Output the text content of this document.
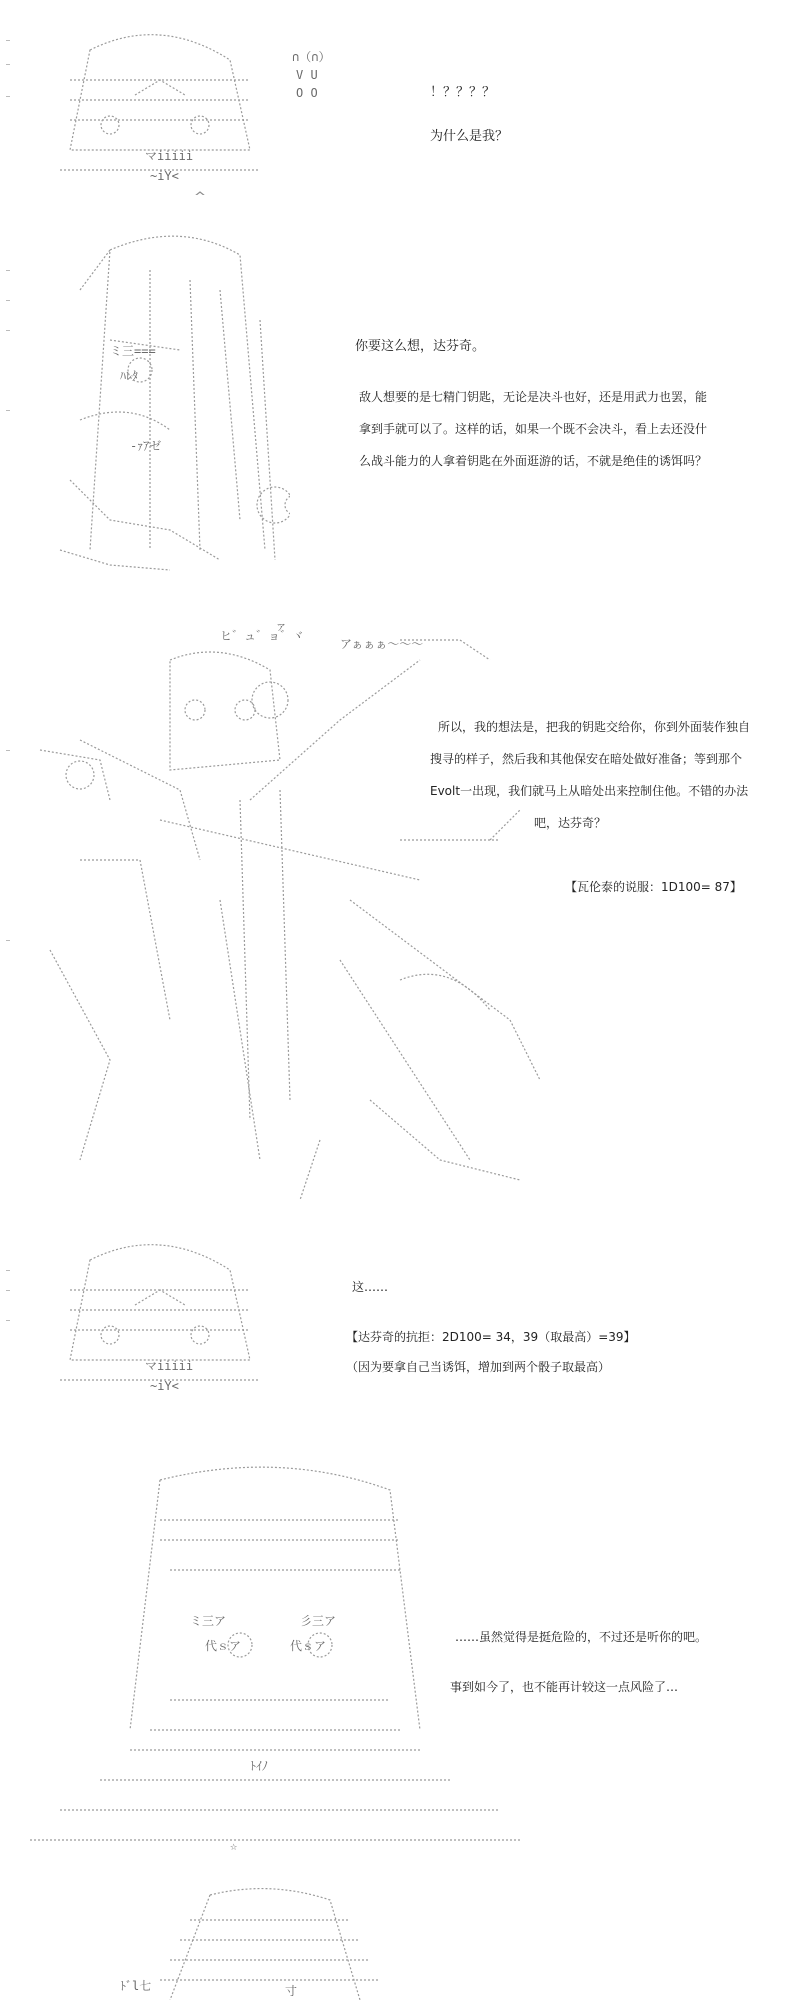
マiiiii
~iY<
∩（∩）
V U
O O	！？？？？
为什么是我？
ミ三===
ﾊﾚﾀ
-ｧｱゼ
你要这么想，达芬奇。
敌人想要的是七精门钥匙，无论是决斗也好，还是用武力也罢，能
拿到手就可以了。这样的话，如果一个既不会决斗，看上去还没什
么战斗能力的人拿着钥匙在外面逛游的话，不就是绝佳的诱饵吗？
ヒ゛ュ゛ョ゛ヾ
ァ
アぁぁぁ～～～
所以，我的想法是，把我的钥匙交给你，你到外面装作独自
搜寻的样子，然后我和其他保安在暗处做好准备；等到那个
Evolt一出现，我们就马上从暗处出来控制住他。不错的办法
吧，达芬奇？
【瓦伦泰的说服：1D100= 87】
マiiiii
~iY<
这……
【达芬奇的抗拒：2D100= 34，39（取最高）=39】
（因为要拿自己当诱饵，增加到两个骰子取最高）
ミ三ア	彡三ア
代ｓア	代ｓア
ﾄｲﾉ
☆
……虽然觉得是挺危险的，不过还是听你的吧。
事到如今了，也不能再计较这一点风险了…
ﾄﾞl七	寸
